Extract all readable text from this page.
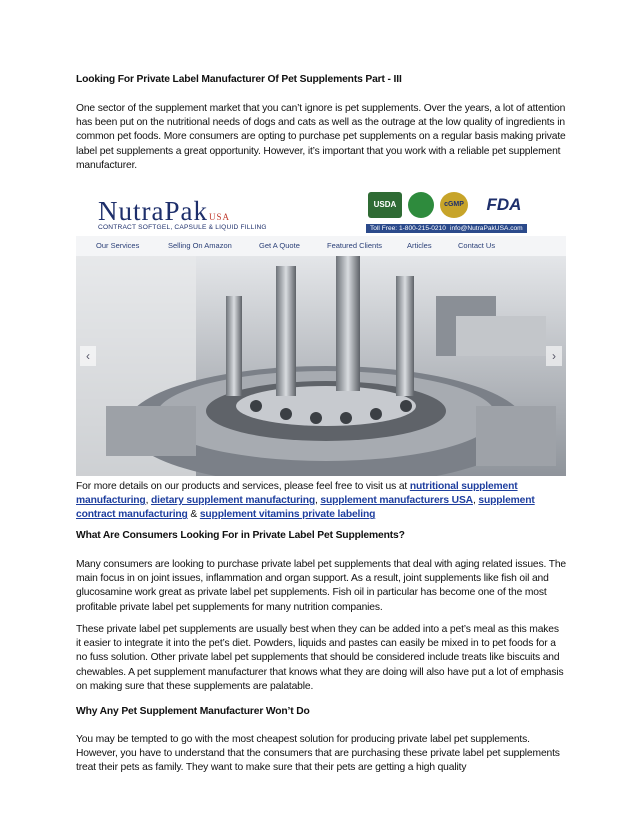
Looking For Private Label Manufacturer Of Pet Supplements Part - III

One sector of the supplement market that you can’t ignore is pet supplements. Over the years, a lot of attention has been put on the nutritional needs of dogs and cats as well as the outrage at the low quality of ingredients in common pet foods. More consumers are opting to purchase pet supplements on a regular basis making private label pet supplements a great opportunity. However, it’s important that you work with a reliable pet supplement manufacturer.

NutraPakUSA
CONTRACT SOFTGEL, CAPSULE & LIQUID FILLING
USDA	cGMP	FDA
Toll Free: 1-800-215-0210 info@NutraPakUSA.com
Our Services	Selling On Amazon	Get A Quote	Featured Clients	Articles	Contact Us
‹	›

For more details on our products and services, please feel free to visit us at nutritional supplement manufacturing, dietary supplement manufacturing, supplement manufacturers USA, supplement contract manufacturing & supplement vitamins private labeling

What Are Consumers Looking For in Private Label Pet Supplements?

Many consumers are looking to purchase private label pet supplements that deal with aging related issues. The main focus in on joint issues, inflammation and organ support. As a result, joint supplements like fish oil and glucosamine work great as private label pet supplements. Fish oil in particular has become one of the most profitable private label pet supplements for many nutrition companies.

These private label pet supplements are usually best when they can be added into a pet’s meal as this makes it easier to integrate it into the pet’s diet. Powders, liquids and pastes can easily be mixed in to pet foods for a no fuss solution. Other private label pet supplements that should be considered include treats like biscuits and chewables. A pet supplement manufacturer that knows what they are doing will also have put a lot of emphasis on making sure that these supplements are palatable.

Why Any Pet Supplement Manufacturer Won’t Do

You may be tempted to go with the most cheapest solution for producing private label pet supplements. However, you have to understand that the consumers that are purchasing these private label pet supplements treat their pets as family. They want to make sure that their pets are getting a high quality
